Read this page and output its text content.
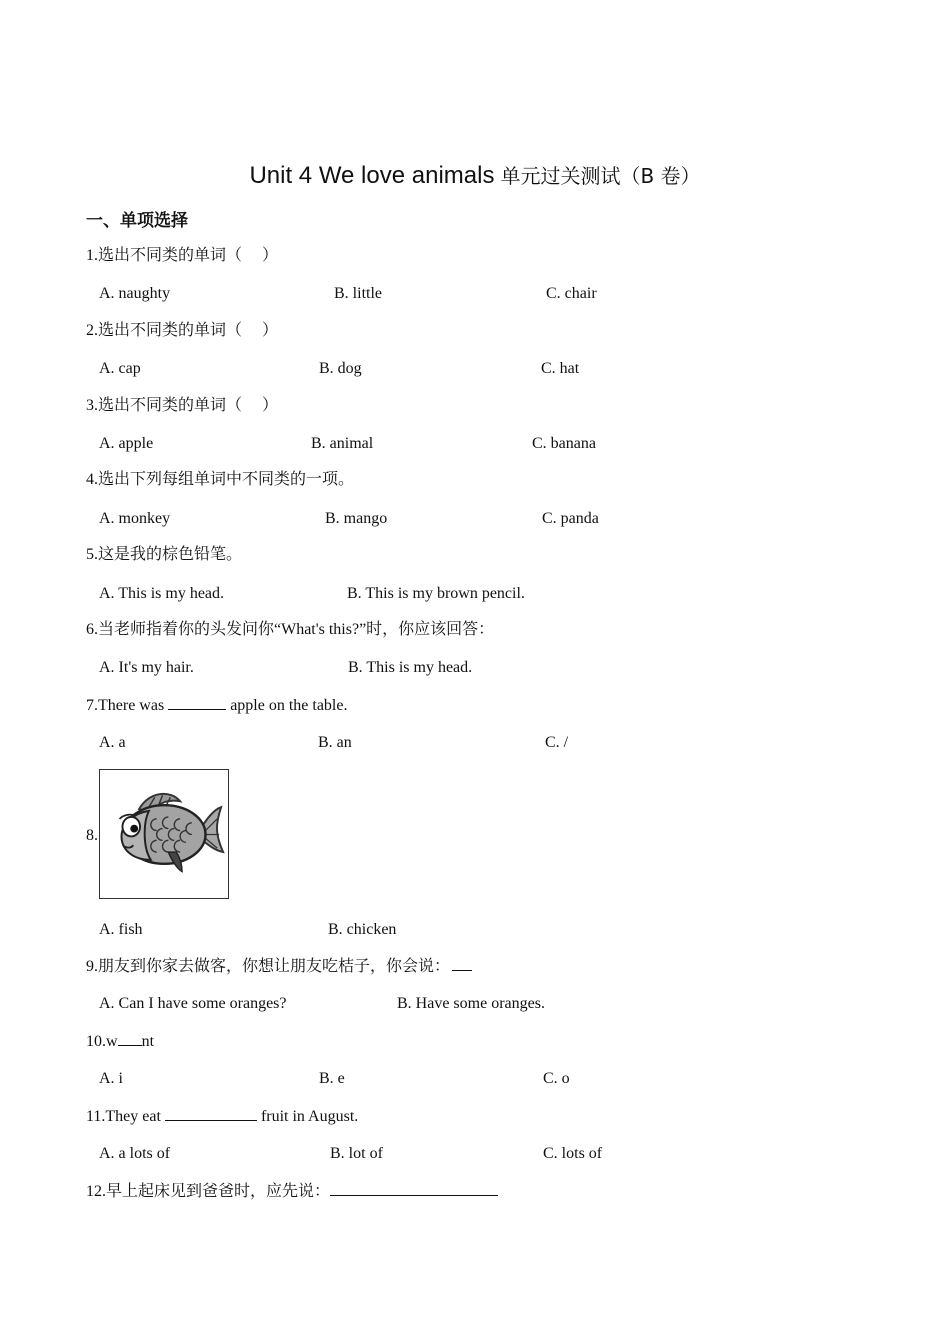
Unit 4 We love animals 单元过关测试（B 卷）
一、单项选择
1.选出不同类的单词（　 ）
A. naughty	B. little	C. chair
2.选出不同类的单词（　 ）
A. cap	B. dog	C. hat
3.选出不同类的单词（　 ）
A. apple	B. animal	C. banana
4.选出下列每组单词中不同类的一项。
A. monkey	B. mango	C. panda
5.这是我的棕色铅笔。
A. This is my head.	B. This is my brown pencil.
6.当老师指着你的头发问你“What's this?”时，你应该回答：
A. It's my hair.	B. This is my head.
7.There was	apple on the table.
A. a	B. an	C. /
8.
A. fish	B. chicken
9.朋友到你家去做客，你想让朋友吃桔子，你会说：
A. Can I have some oranges?	B. Have some oranges.
10.w nt
A. i	B. e	C. o
11.They eat	fruit in August.
A. a lots of	B. lot of	C. lots of
12.早上起床见到爸爸时，应先说：
